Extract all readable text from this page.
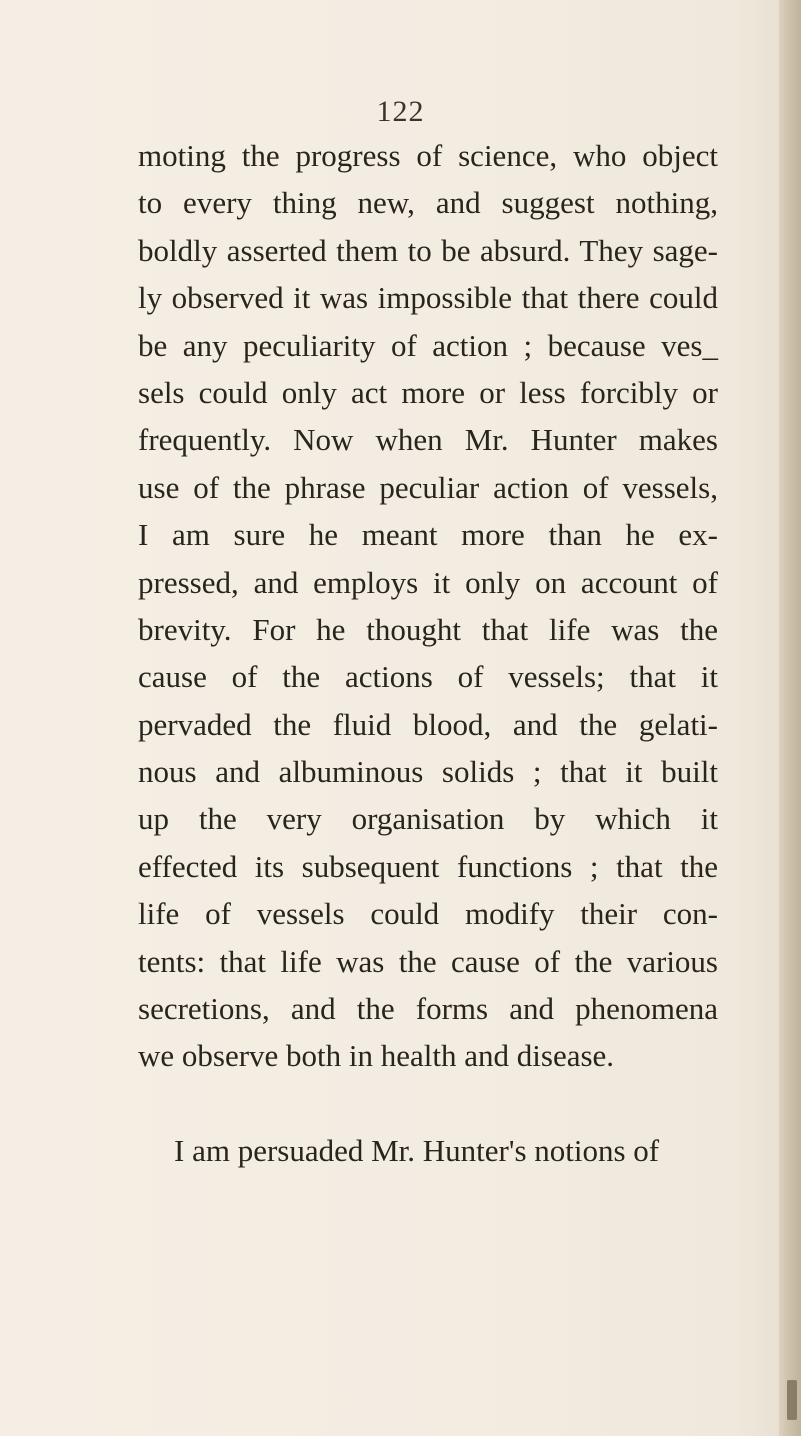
122
moting the progress of science, who object
to every thing new, and suggest nothing,
boldly asserted them to be absurd. They sage-
ly observed it was impossible that there could
be any peculiarity of action ; because ves_
sels could only act more or less forcibly or
frequently. Now when Mr. Hunter makes
use of the phrase peculiar action of vessels,
I am sure he meant more than he ex-
pressed, and employs it only on account of
brevity. For he thought that life was the
cause of the actions of vessels; that it
pervaded the fluid blood, and the gelati-
nous and albuminous solids ; that it built
up the very organisation by which it
effected its subsequent functions ; that the
life of vessels could modify their con-
tents: that life was the cause of the various
secretions, and the forms and phenomena
we observe both in health and disease.
I am persuaded Mr. Hunter's notions of
